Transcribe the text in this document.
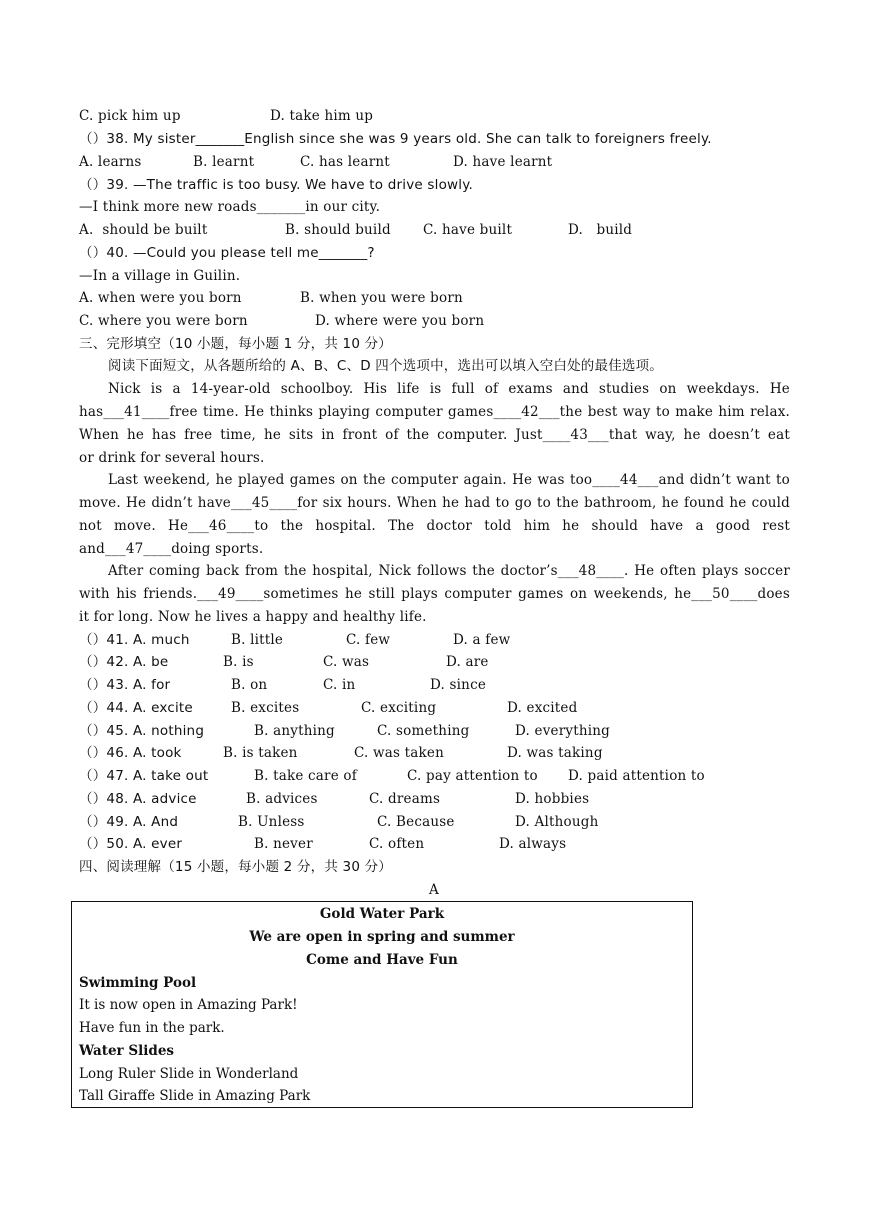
C. pick him up	D. take him up
（）38. My sister_______English since she was 9 years old. She can talk to foreigners freely.
A. learns	B. learnt	C. has learnt	D. have learnt
（）39. —The traffic is too busy. We have to drive slowly.
—I think more new roads_______in our city.
A.  should be built	B. should build C. have built	D.   build
（）40. —Could you please tell me_______?
—In a village in Guilin.
A. when were you born	B. when you were born
C. where you were born	D. where were you born
三、完形填空（10 小题，每小题 1 分，共 10 分）
阅读下面短文，从各题所给的 A、B、C、D 四个选项中，选出可以填入空白处的最佳选项。
Nick is a 14-year-old schoolboy. His life is full of exams and studies on weekdays. He
has___41____free time. He thinks playing computer games____42___the best way to make him relax.
When he has free time, he sits in front of the computer. Just____43___that way, he doesn’t eat
or drink for several hours.
Last weekend, he played games on the computer again. He was too____44___and didn’t want to
move. He didn’t have___45____for six hours. When he had to go to the bathroom, he found he could
not move. He___46____to the hospital. The doctor told him he should have a good rest
and___47____doing sports.
After coming back from the hospital, Nick follows the doctor’s___48____. He often plays soccer
with his friends.___49____sometimes he still plays computer games on weekends, he___50____does
it for long. Now he lives a happy and healthy life.
（）41. A. much	B. little	C. few	D. a few
（）42. A. be	B. is	C. was	D. are
（）43. A. for	B. on	C. in	D. since
（）44. A. excite	B. excites	C. exciting	D. excited
（）45. A. nothing	B. anything	C. something	D. everything
（）46. A. took	B. is taken	C. was taken	D. was taking
（）47. A. take out	B. take care of	C. pay attention to D. paid attention to
（）48. A. advice	B. advices	C. dreams	D. hobbies
（）49. A. And	B. Unless	C. Because	D. Although
（）50. A. ever	B. never	C. often	D. always
四、阅读理解（15 小题，每小题 2 分，共 30 分）
A
Gold Water Park
We are open in spring and summer
Come and Have Fun
Swimming Pool
It is now open in Amazing Park!
Have fun in the park.
Water Slides
Long Ruler Slide in Wonderland
Tall Giraffe Slide in Amazing Park
